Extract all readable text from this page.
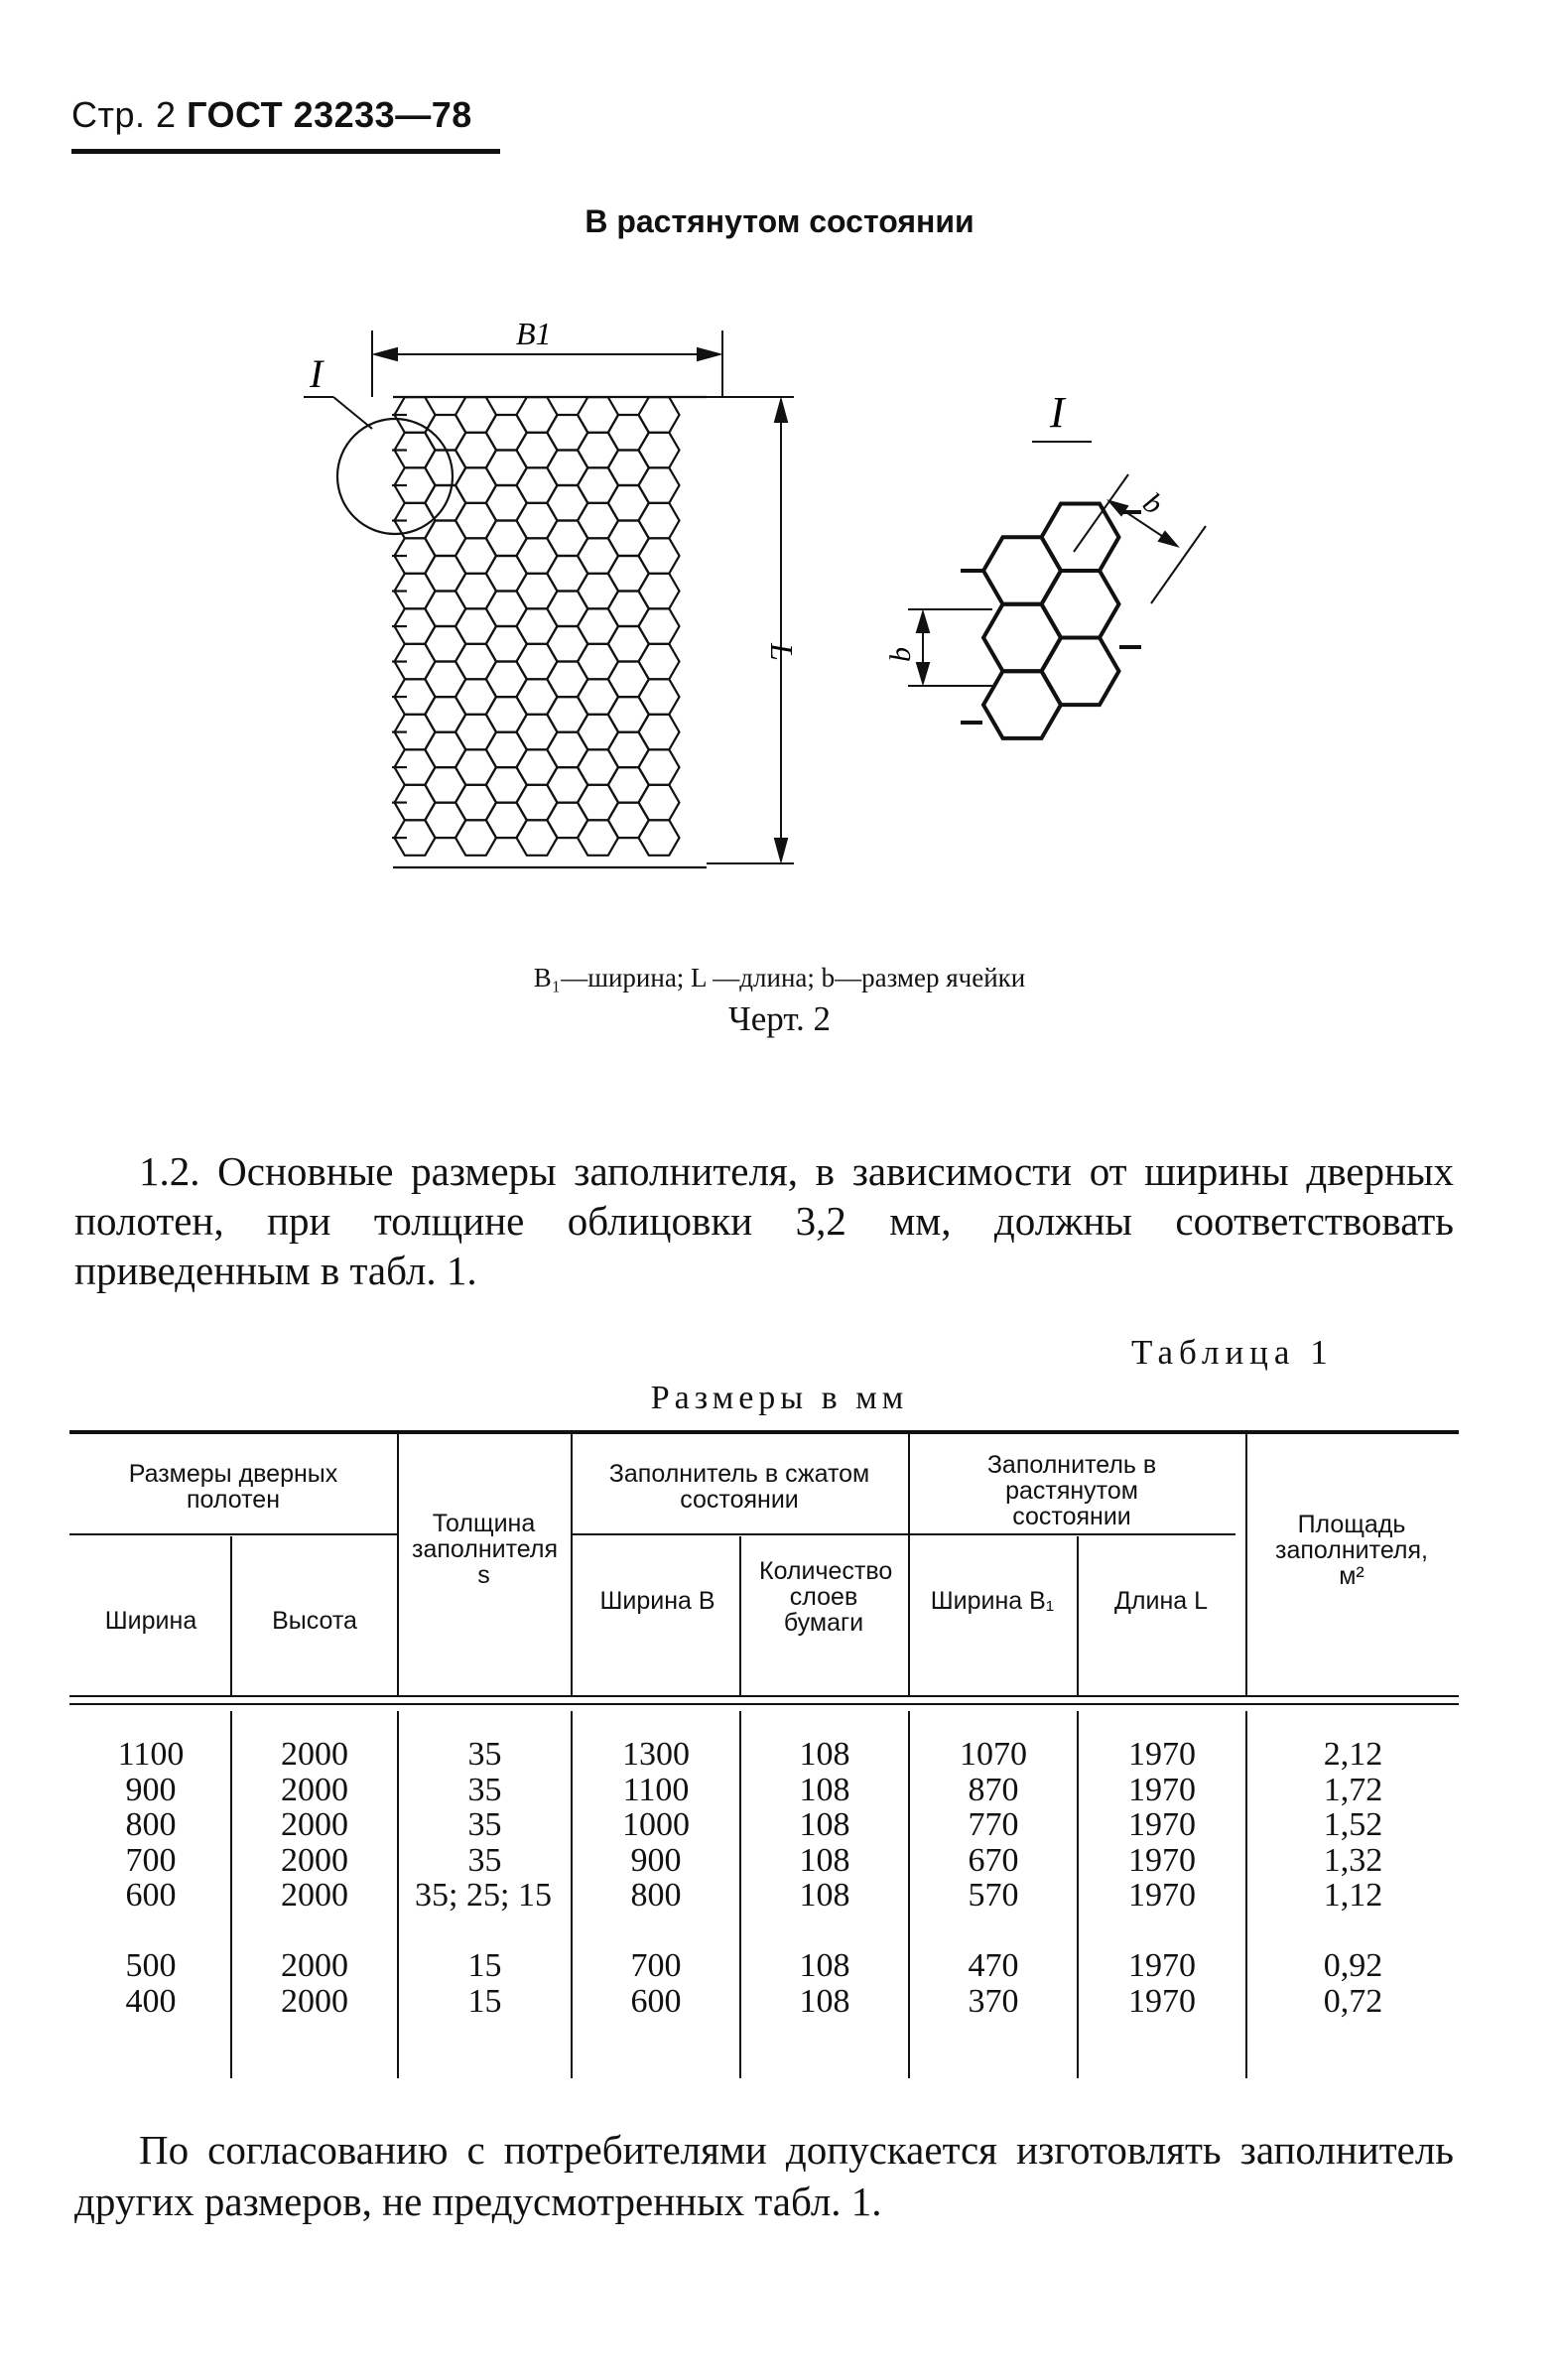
Стр. 2 ГОСТ 23233—78
В растянутом состоянии
B1
L
I
I
b
b
B₁—ширина; L —длина; b—размер ячейки
Черт. 2
1.2. Основные размеры заполнителя, в зависимости от ширины дверных полотен, при толщине облицовки 3,2 мм, должны соответствовать приведенным в табл. 1.
Таблица 1
Размеры в мм
Размеры дверных полотен
Ширина	Высота
Толщина заполнителя s
Заполнитель в сжатом состоянии
Ширина B
Количество слоев бумаги
Заполнитель в растянутом состоянии
Ширина B₁	Длина L
Площадь заполнителя, м²
1100	2000	35	1300	108	1070	1970	2,12
900	2000	35	1100	108	870	1970	1,72
800	2000	35	1000	108	770	1970	1,52
700	2000	35	900	108	670	1970	1,32
600	2000	35; 25; 15	800	108	570	1970	1,12
500	2000	15	700	108	470	1970	0,92
400	2000	15	600	108	370	1970	0,72
По согласованию с потребителями допускается изготовлять заполнитель других размеров, не предусмотренных табл. 1.
